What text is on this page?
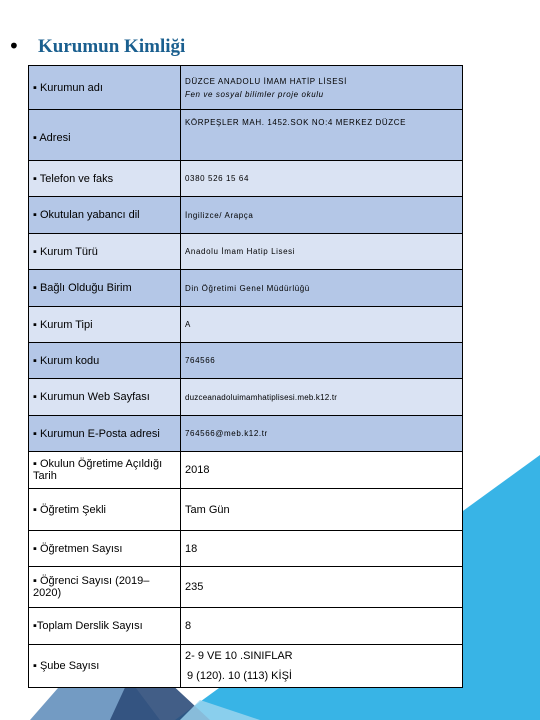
• Kurumun Kimliği
▪ Kurumun adı	DÜZCE ANADOLU İMAM HATİP LİSESİ
Fen ve sosyal bilimler proje okulu

▪ Adresi	KÖRPEŞLER MAH. 1452.SOK NO:4 MERKEZ DÜZCE
▪ Telefon ve faks	0380 526 15 64
▪ Okutulan yabancı dil	İngilizce/ Arapça
▪ Kurum Türü	Anadolu İmam Hatip Lisesi
▪ Bağlı Olduğu Birim	Din Öğretimi Genel Müdürlüğü
▪ Kurum Tipi	A
▪ Kurum kodu	764566
▪ Kurumun Web Sayfası	duzceanadoluimamhatiplisesi.meb.k12.tr
▪ Kurumun E-Posta adresi	764566@meb.k12.tr
▪ Okulun Öğretime Açıldığı Tarih	2018
▪ Öğretim Şekli	Tam Gün
▪ Öğretmen Sayısı	18
▪ Öğrenci Sayısı (2019–2020)	235
▪Toplam Derslik Sayısı	8
▪ Şube Sayısı	2- 9 VE 10 .SINIFLAR
9 (120). 10 (113) KİŞİ
